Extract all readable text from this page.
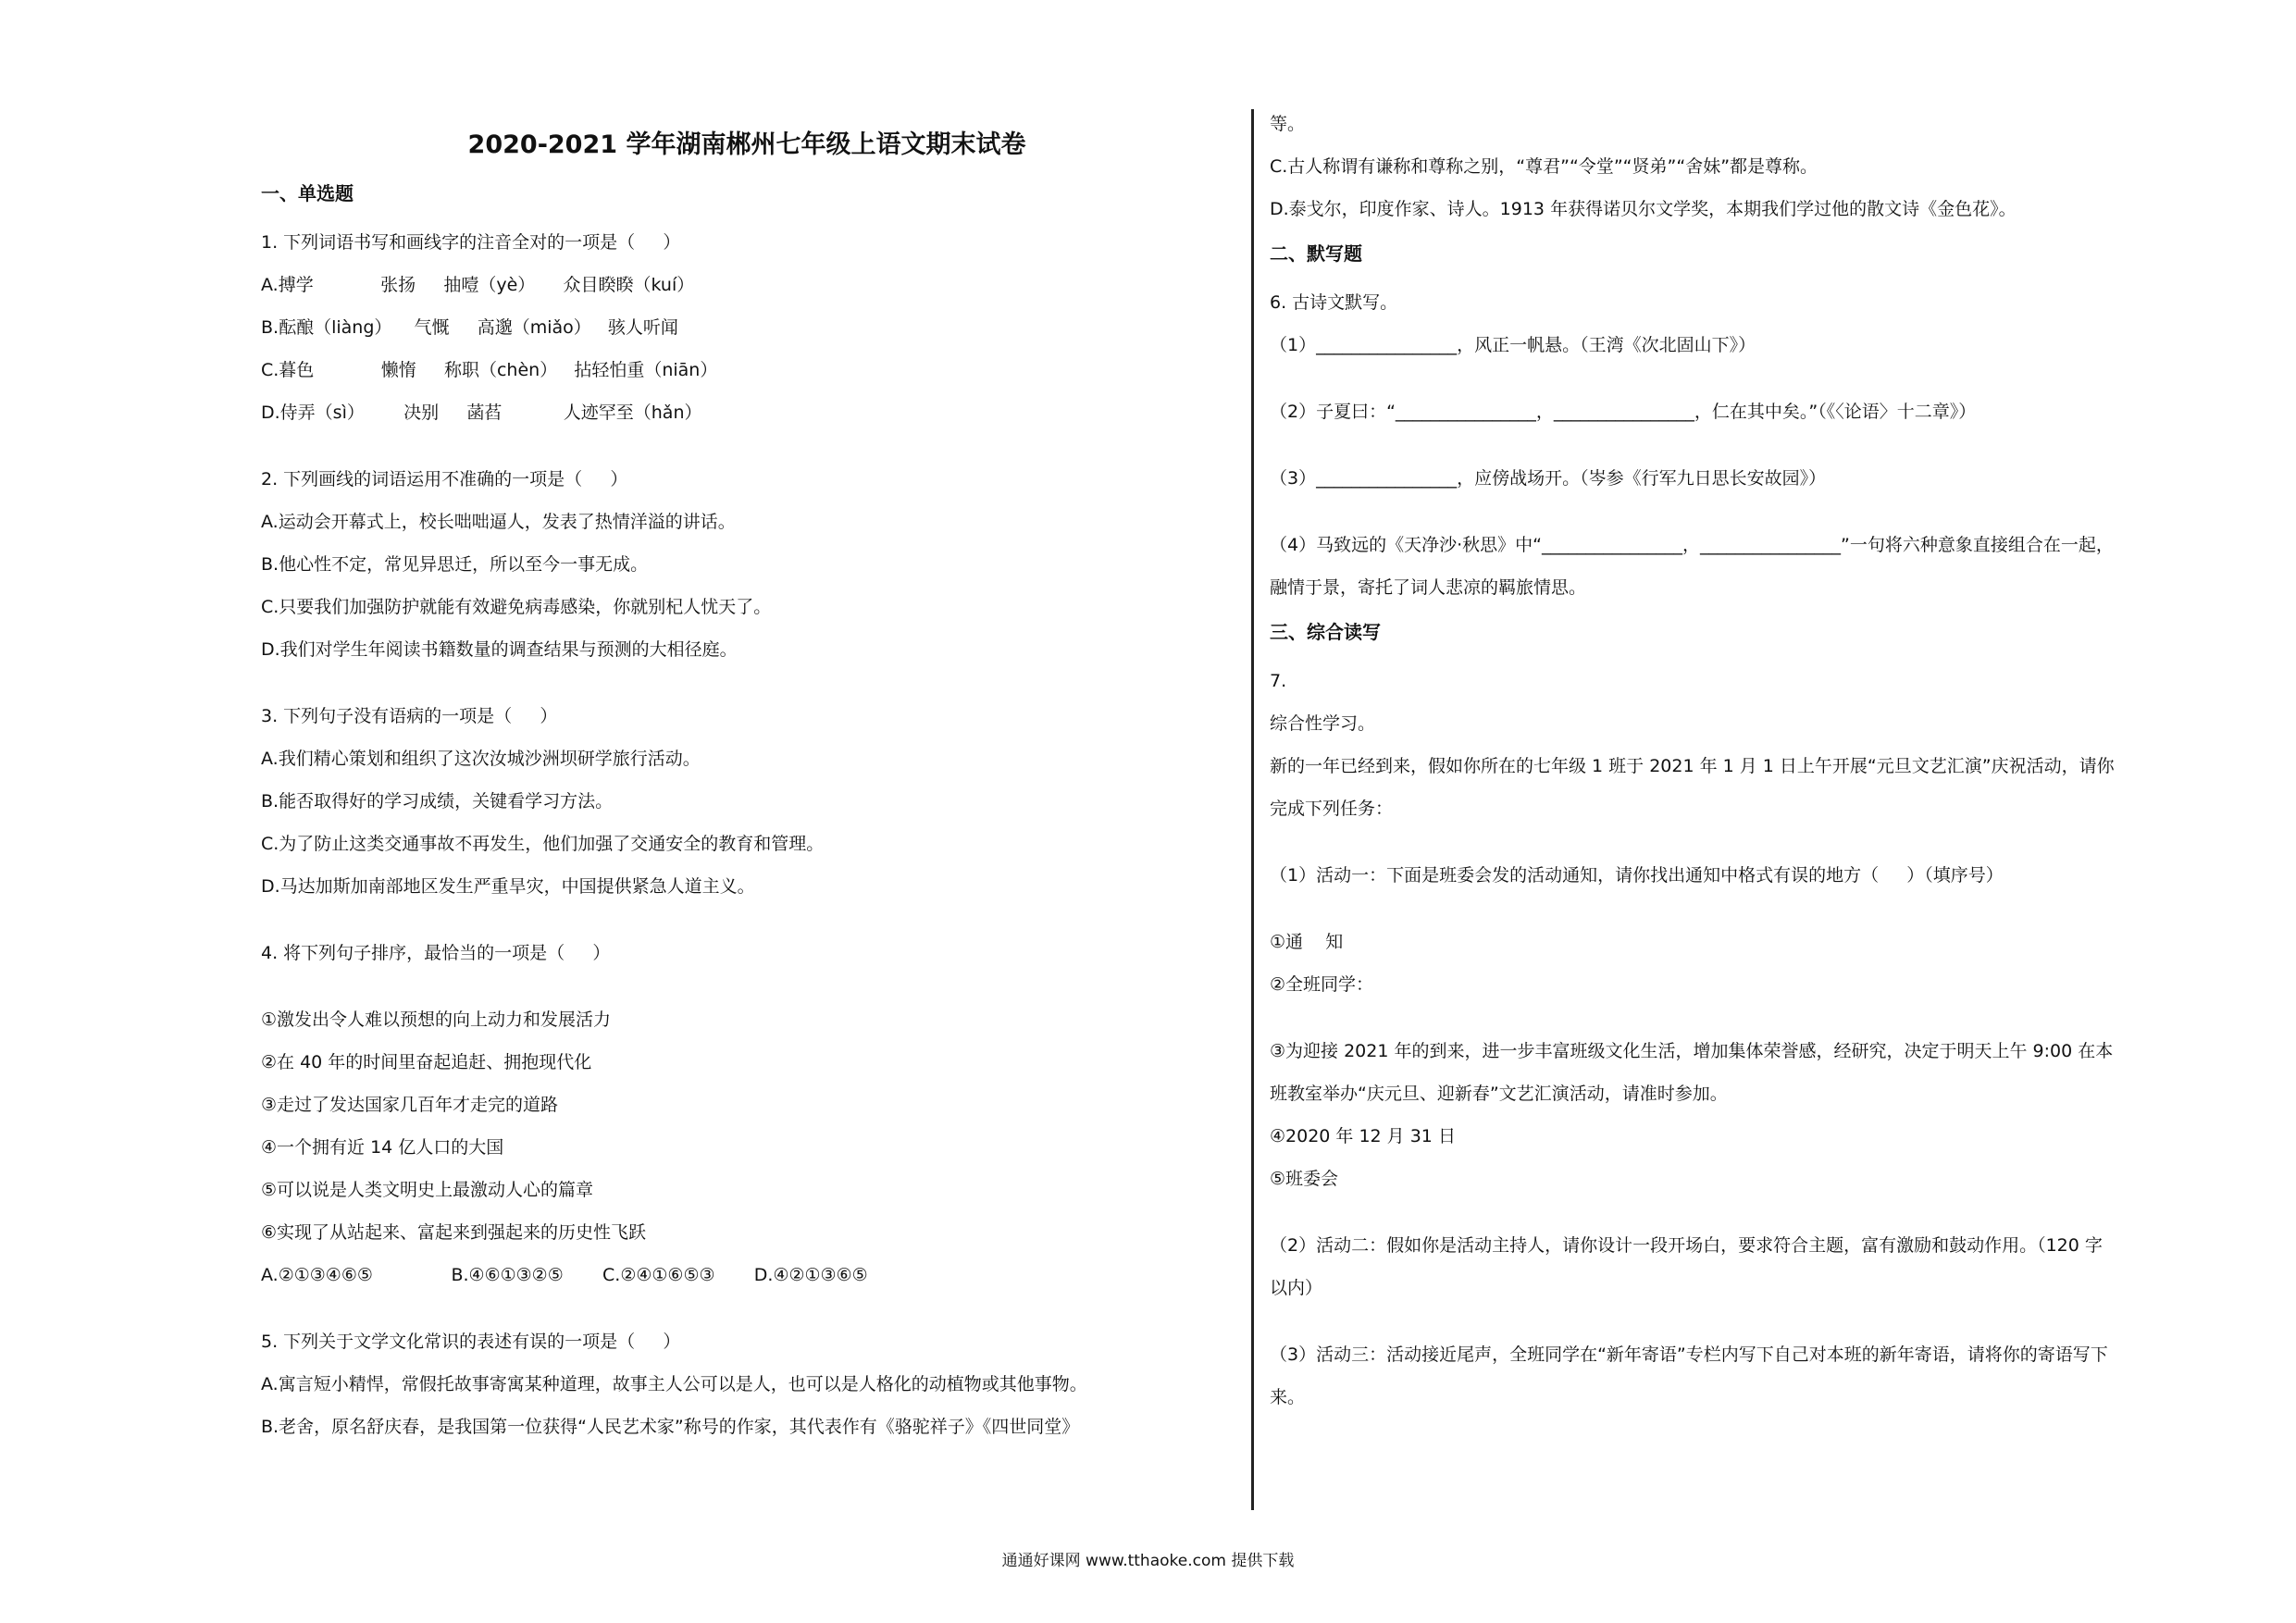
2020-2021 学年湖南郴州七年级上语文期末试卷
一、单选题
1. 下列词语书写和画线字的注音全对的一项是（     ）
A.搏学            张扬     抽噎（yè）     众目睽睽（kuí）
B.酝酿（liàng）    气慨     高邈（miǎo）   骇人听闻
C.暮色            懒惰     称职（chèn）   拈轻怕重（niān）
D.侍弄（sì）       决别     菡萏           人迹罕至（hǎn）
2. 下列画线的词语运用不准确的一项是（     ）
A.运动会开幕式上，校长咄咄逼人，发表了热情洋溢的讲话。
B.他心性不定，常见异思迁，所以至今一事无成。
C.只要我们加强防护就能有效避免病毒感染，你就别杞人忧天了。
D.我们对学生年阅读书籍数量的调查结果与预测的大相径庭。
3. 下列句子没有语病的一项是（     ）
A.我们精心策划和组织了这次汝城沙洲坝研学旅行活动。
B.能否取得好的学习成绩，关键看学习方法。
C.为了防止这类交通事故不再发生，他们加强了交通安全的教育和管理。
D.马达加斯加南部地区发生严重旱灾，中国提供紧急人道主义。
4. 将下列句子排序，最恰当的一项是（     ）
①激发出令人难以预想的向上动力和发展活力
②在 40 年的时间里奋起追赶、拥抱现代化
③走过了发达国家几百年才走完的道路
④一个拥有近 14 亿人口的大国
⑤可以说是人类文明史上最激动人心的篇章
⑥实现了从站起来、富起来到强起来的历史性飞跃
A.②①③④⑥⑤              B.④⑥①③②⑤       C.②④①⑥⑤③       D.④②①③⑥⑤
5. 下列关于文学文化常识的表述有误的一项是（     ）
A.寓言短小精悍，常假托故事寄寓某种道理，故事主人公可以是人，也可以是人格化的动植物或其他事物。
B.老舍，原名舒庆春，是我国第一位获得“人民艺术家”称号的作家，其代表作有《骆驼祥子》《四世同堂》
等。
C.古人称谓有谦称和尊称之别，“尊君”“令堂”“贤弟”“舍妹”都是尊称。
D.泰戈尔，印度作家、诗人。1913 年获得诺贝尔文学奖，本期我们学过他的散文诗《金色花》。
二、默写题
6. 古诗文默写。
（1）________________，风正一帆悬。（王湾《次北固山下》）
（2）子夏曰：“________________，________________，仁在其中矣。”（《〈论语〉十二章》）
（3）________________，应傍战场开。（岑参《行军九日思长安故园》）
（4）马致远的《天净沙·秋思》中“________________，________________”一句将六种意象直接组合在一起，
融情于景，寄托了词人悲凉的羁旅情思。
三、综合读写
7.
综合性学习。
新的一年已经到来，假如你所在的七年级 1 班于 2021 年 1 月 1 日上午开展“元旦文艺汇演”庆祝活动，请你
完成下列任务：
（1）活动一：下面是班委会发的活动通知，请你找出通知中格式有误的地方（     ）（填序号）
①通    知
②全班同学：
③为迎接 2021 年的到来，进一步丰富班级文化生活，增加集体荣誉感，经研究，决定于明天上午 9:00 在本
班教室举办“庆元旦、迎新春”文艺汇演活动，请准时参加。
④2020 年 12 月 31 日
⑤班委会
（2）活动二：假如你是活动主持人，请你设计一段开场白，要求符合主题，富有激励和鼓动作用。（120 字
以内）
（3）活动三：活动接近尾声，全班同学在“新年寄语”专栏内写下自己对本班的新年寄语，请将你的寄语写下
来。
通通好课网 www.tthaoke.com 提供下载
